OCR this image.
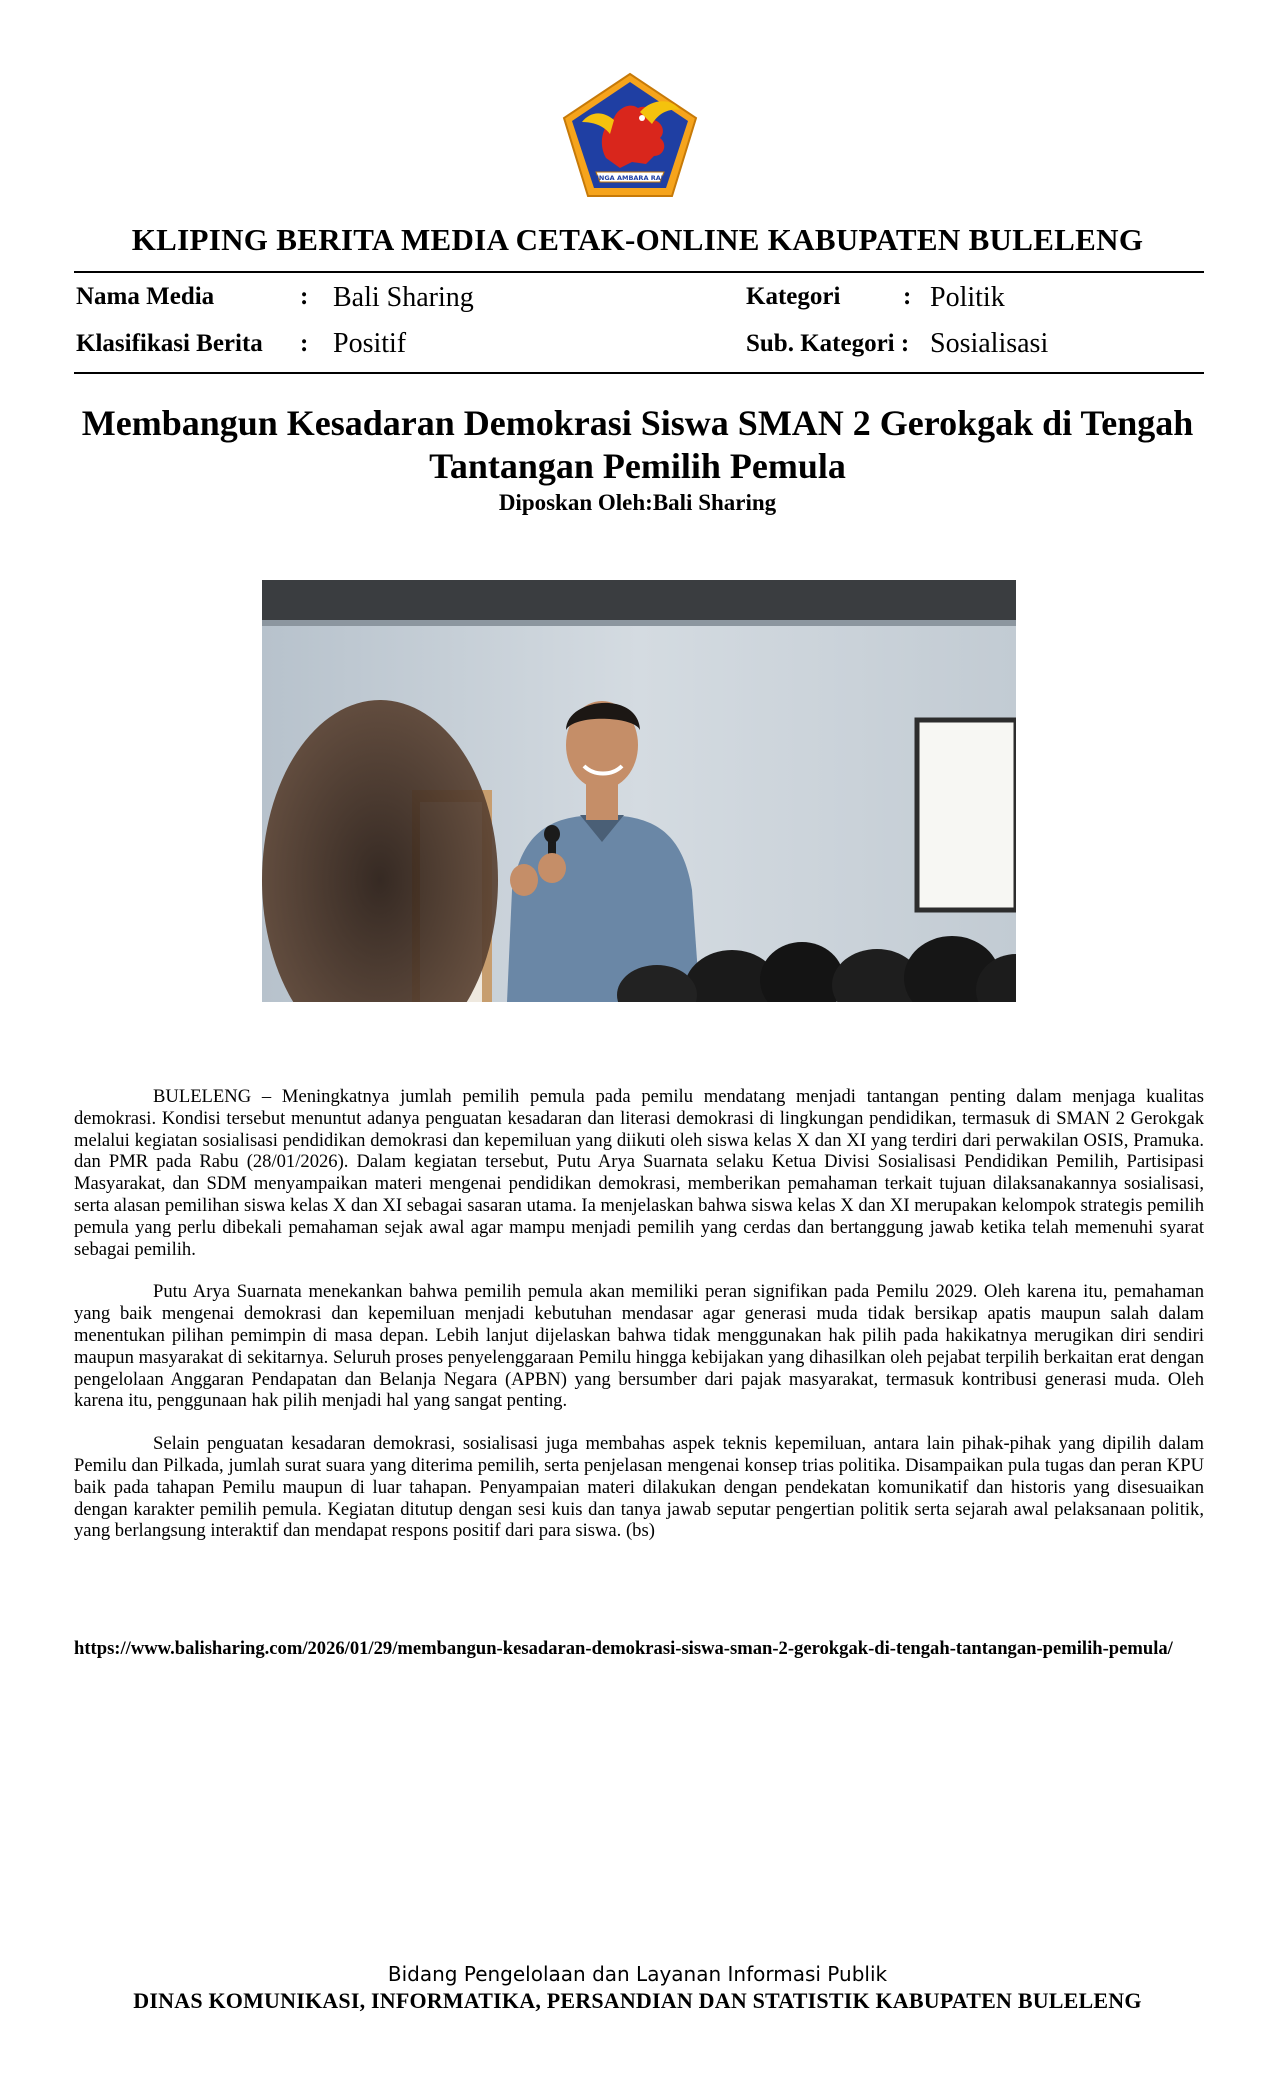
SINGA AMBARA RAJA
KLIPING BERITA MEDIA CETAK-ONLINE KABUPATEN BULELENG
Nama Media	: Bali Sharing	Kategori	: Politik
Klasifikasi Berita : Positif	Sub. Kategori : Sosialisasi
Membangun Kesadaran Demokrasi Siswa SMAN 2 Gerokgak di Tengah Tantangan Pemilih Pemula
Diposkan Oleh:Bali Sharing

BULELENG – Meningkatnya jumlah pemilih pemula pada pemilu mendatang menjadi tantangan penting dalam menjaga kualitas demokrasi. Kondisi tersebut menuntut adanya penguatan kesadaran dan literasi demokrasi di lingkungan pendidikan, termasuk di SMAN 2 Gerokgak melalui kegiatan sosialisasi pendidikan demokrasi dan kepemiluan yang diikuti oleh siswa kelas X dan XI yang terdiri dari perwakilan OSIS, Pramuka. dan PMR pada Rabu (28/01/2026). Dalam kegiatan tersebut, Putu Arya Suarnata selaku Ketua Divisi Sosialisasi Pendidikan Pemilih, Partisipasi Masyarakat, dan SDM menyampaikan materi mengenai pendidikan demokrasi, memberikan pemahaman terkait tujuan dilaksanakannya sosialisasi, serta alasan pemilihan siswa kelas X dan XI sebagai sasaran utama. Ia menjelaskan bahwa siswa kelas X dan XI merupakan kelompok strategis pemilih pemula yang perlu dibekali pemahaman sejak awal agar mampu menjadi pemilih yang cerdas dan bertanggung jawab ketika telah memenuhi syarat sebagai pemilih.

Putu Arya Suarnata menekankan bahwa pemilih pemula akan memiliki peran signifikan pada Pemilu 2029. Oleh karena itu, pemahaman yang baik mengenai demokrasi dan kepemiluan menjadi kebutuhan mendasar agar generasi muda tidak bersikap apatis maupun salah dalam menentukan pilihan pemimpin di masa depan. Lebih lanjut dijelaskan bahwa tidak menggunakan hak pilih pada hakikatnya merugikan diri sendiri maupun masyarakat di sekitarnya. Seluruh proses penyelenggaraan Pemilu hingga kebijakan yang dihasilkan oleh pejabat terpilih berkaitan erat dengan pengelolaan Anggaran Pendapatan dan Belanja Negara (APBN) yang bersumber dari pajak masyarakat, termasuk kontribusi generasi muda. Oleh karena itu, penggunaan hak pilih menjadi hal yang sangat penting.

Selain penguatan kesadaran demokrasi, sosialisasi juga membahas aspek teknis kepemiluan, antara lain pihak-pihak yang dipilih dalam Pemilu dan Pilkada, jumlah surat suara yang diterima pemilih, serta penjelasan mengenai konsep trias politika. Disampaikan pula tugas dan peran KPU baik pada tahapan Pemilu maupun di luar tahapan. Penyampaian materi dilakukan dengan pendekatan komunikatif dan historis yang disesuaikan dengan karakter pemilih pemula. Kegiatan ditutup dengan sesi kuis dan tanya jawab seputar pengertian politik serta sejarah awal pelaksanaan politik, yang berlangsung interaktif dan mendapat respons positif dari para siswa. (bs)

https://www.balisharing.com/2026/01/29/membangun-kesadaran-demokrasi-siswa-sman-2-gerokgak-di-tengah-tantangan-pemilih-pemula/
Bidang Pengelolaan dan Layanan Informasi Publik
DINAS KOMUNIKASI, INFORMATIKA, PERSANDIAN DAN STATISTIK KABUPATEN BULELENG
